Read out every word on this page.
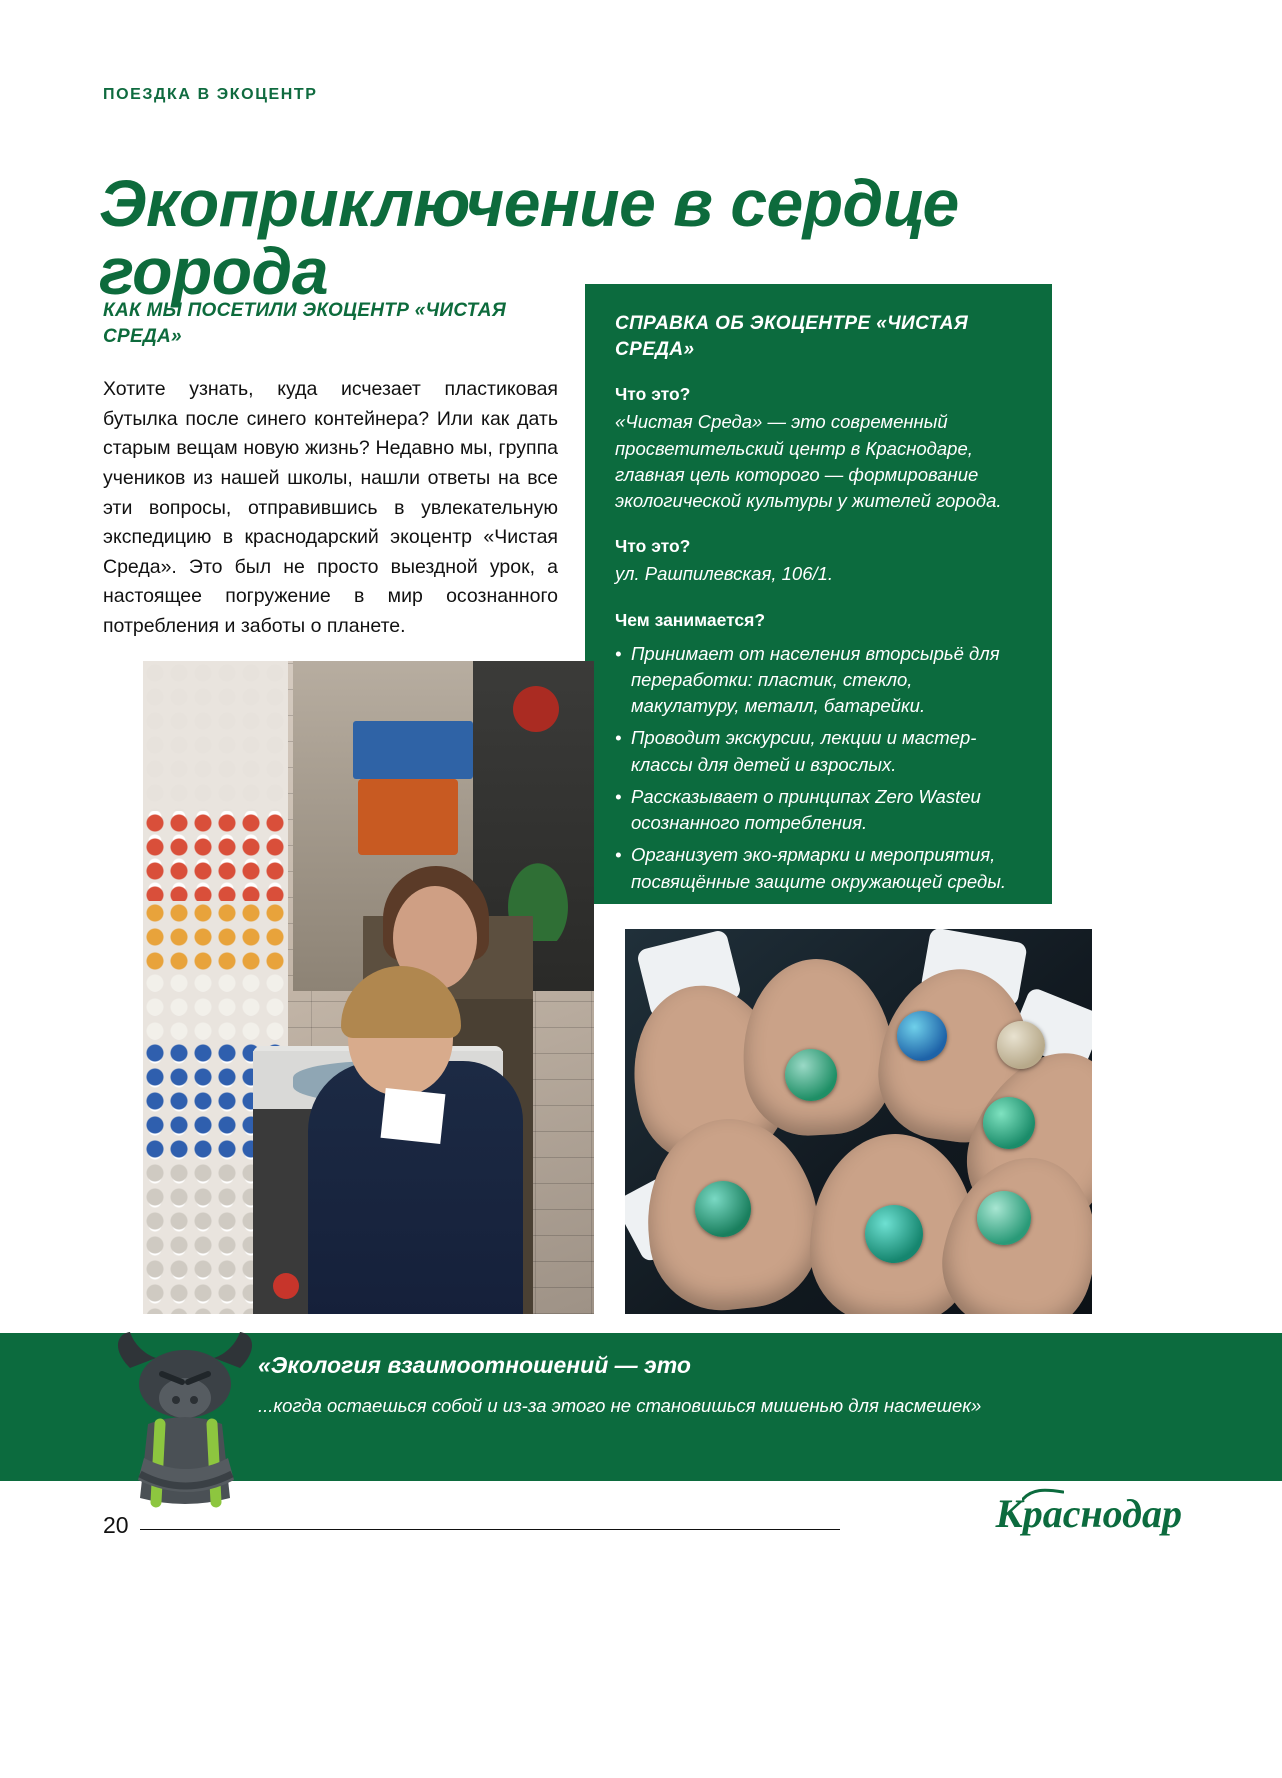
ПОЕЗДКА В ЭКОЦЕНТР
Экоприключение в сердце города
КАК МЫ ПОСЕТИЛИ ЭКОЦЕНТР «ЧИСТАЯ СРЕДА»
Хотите узнать, куда исчезает пластиковая бутылка после синего контейнера? Или как дать старым вещам новую жизнь? Недавно мы, группа учеников из нашей школы, нашли ответы на все эти вопросы, отправившись в увлекательную экспедицию в краснодарский экоцентр «Чистая Среда». Это был не просто выездной урок, а настоящее погружение в мир осознанного потребления и заботы о планете.
СПРАВКА ОБ ЭКОЦЕНТРЕ «ЧИСТАЯ СРЕДА»
Что это?

«Чистая Среда» — это современный просветительский центр в Краснодаре, главная цель которого — формирование экологической культуры у жителей города.

Что это?

ул. Рашпилевская, 106/1.

Чем занимается?
• Принимает от населения вторсырьё для переработки: пластик, стекло, макулатуру, металл, батарейки.
• Проводит экскурсии, лекции и мастер-классы для детей и взрослых.
• Рассказывает о принципах Zero Wasteu осознанного потребления.
• Организует эко-ярмарки и мероприятия, посвящённые защите окружающей среды.
«Экология взаимоотношений — это
...когда остаешься собой и из-за этого не становишься мишенью для насмешек»
20	Краснодар
